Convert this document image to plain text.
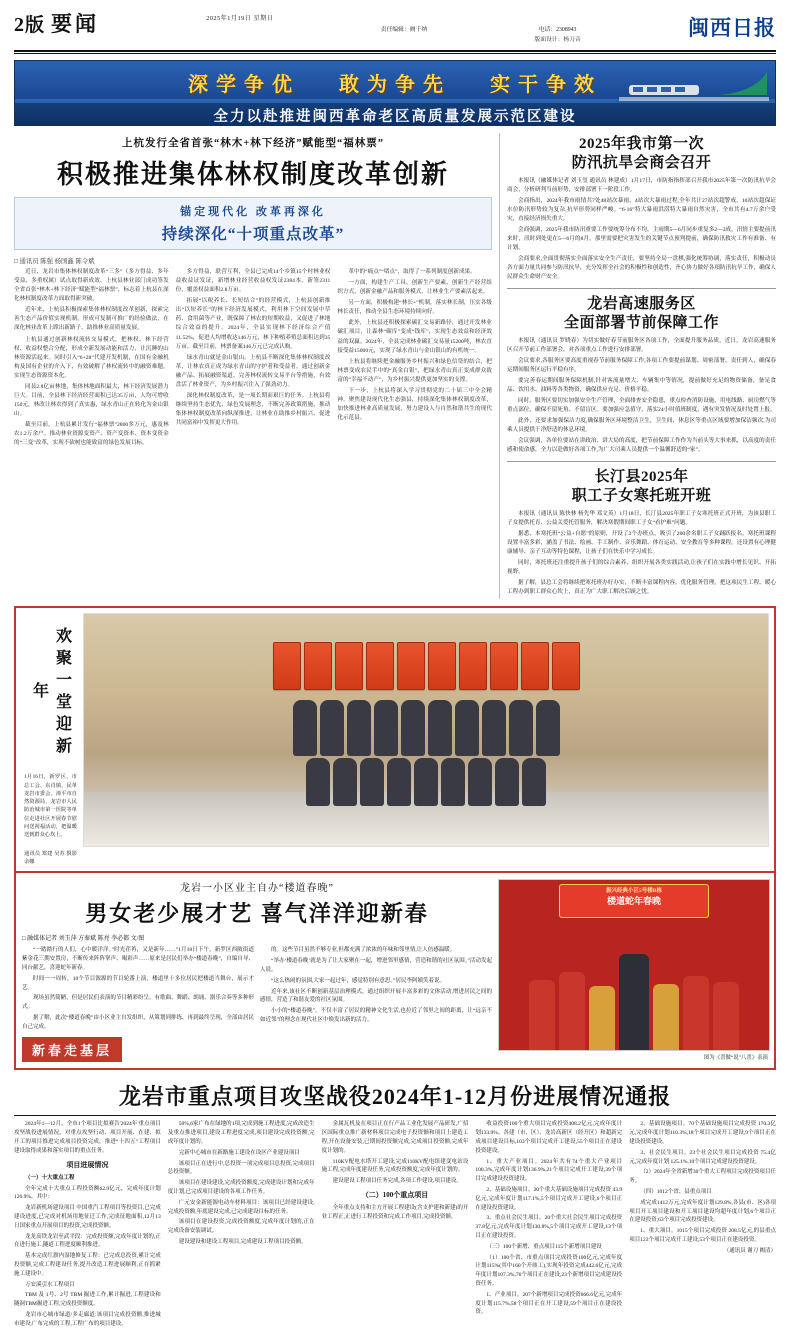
2版 要闻	2025年1月19日 星期日
责任编辑：阙千纳	电话：2308943
版面设计：杨刀音	闽西日报
深学争优 敢为争先 实干争效
全力以赴推进闽西革命老区高质量发展示范区建设
上杭发行全省首张“林木+林下经济”赋能型“福林票”
积极推进集体林权制度改革创新
锚定现代化 改革再深化
持续深化“十项重点改革”
□ 通讯员 陈强 杨国鑫 陈令斌

近日，龙岩市集体林权制度改革“三多”（多方得益、多年受益、多重权属）试点取得新成效，上杭县林业部门成功签发全省首张“林木+林下经济”赋能型“福林票”，标志着上杭县在深化林权制度改革方面取得新突破。

近年来，上杭县积极探索集体林权制度改革创新，探索完善生态产品价值实现机制，形成可复制可推广的经验做法，在深化林业改革上蹚出新路子，助推林业高质量发展。

上杭县通过创新林权流转交易模式，把林权、林下经营权、收益权整合分配，形成全新发展动能和活力，让沉睡的山林资源活起来。同时引入“6+28”代建开发机制，在国有金融机构及国有企业的介入下，有效破解了林权流转中的融资难题，实现生态资源资本化。

同县2.8亿亩林地，集体林地面积最大，林下经济发展潜力巨大。目前，全县林下经济经营面积已达35万亩，人均可增收150元，林改让林农得到了真实惠，绿水青山正在转化为金山银山。

截至目前，上杭县累计发行“福林票”2800多万元，惠及林农1.2万余户。推动林业资源变资产、资产变资本、资本变资金的“三变”改革，实现不砍树也能致富的绿色发展目标。

多方得益，联营互利，全县已完成14个乡镇15个村林业权益收益证发证，新增林业经营收益权发证2384本。新签2311份，覆盖权益面积2.8万亩。

拓展“以税养长、长短结合”的经营模式，上杭县创新推出“以短养长”的林下经济发展模式，利用林下空间发展中草药、食用菌等产业，既保障了林农的短期收益，又促进了林地综合效益的提升。2024年，全县实现林下经济综合产值11.52%，促进人均增收达146万元，林下种植养殖总面积达到35万亩。截至目前，林票备案146万元已完成认购。

绿水青山就是金山银山。上杭县不断深化集体林权制度改革，让林农真正成为绿水青山的守护者和受益者。通过创新金融产品、拓展融资渠道、完善林权流转交易平台等措施，有效盘活了林业资产，为乡村振兴注入了强劲动力。

深化林权制度改革，是一项长期而艰巨的任务。上杭县将继续坚持生态优先、绿色发展理念，不断完善政策措施，推动集体林权制度改革向纵深推进，让林业在助推乡村振兴、促进共同富裕中发挥更大作用。

革中的“痛点”“堵点”，取得了一系列制度创新成果。

一方面，构建生产工具、创新生产要素、创新生产经营组织方式、创新金融产品和服务模式，让林业生产要素活起来。

另一方面，积极构建“林长+”机制，落实林长制，压实各级林长责任，推动全县生态环境持续向好。

此外，上杭县还积极探索碳汇交易新路径，通过开发林业碳汇项目，让森林“碳库”变成“钱库”，实现生态效益和经济效益的双赢。2024年，全县完成林业碳汇交易量15200吨，林农直接受益15000元，实现了绿水青山与金山银山的有机统一。

上杭县将继续把金融服务乡村振兴和绿色信贷的结合，把林票变成农民手中的“真金白银”，把绿水青山真正变成群众致富的“幸福不动产”，为乡村振兴提供更加坚实的支撑。

下一步，上杭县将深入学习贯彻党的二十届三中全会精神，聚焦建设现代化生态强县，持续深化集体林权制度改革，加快推进林业高质量发展，努力建设人与自然和谐共生的现代化示范县。

2025年我市第一次
防汛抗旱会商会召开

本报讯（融媒体记者 刘玉玺 通讯员 林建成）1月17日，市防指指挥部召开我市2025年第一次防汛抗旱会商会，分析研判当前形势，安排部署下一阶段工作。

会商指出，2024年我市雨情共7处48站次暴雨、4站次大暴雨过程,全年共计27站次超警戒，10站次超保证水位防汛形势较为复杂,抗旱形势同样严峻。“6·16”特大暴雨洪涝特大暴雨自然灾害，全市共有4.7万余户受灾，直接经济损失重大。

会商强调，2025年我市防汛重要工作要统筹分布不均，主雨期5—6月同步重复多2—3成，汛情主要提前汛来时，汛时到处更在5—6月的8月，那里需要把灾害发生的关键节点预判提前，确保防汛救灾工作有准备、有计划。

会商要求,全面贯彻落实全面落实安全生产责任，要坚持全局一盘棋,强化统筹协调，落实责任，积极动员各方面力量共同参与防汛抗旱，充分发挥全社会的积极性和创造性，齐心协力做好各项防汛抗旱工作，确保人民群众生命财产安全。

龙岩高速服务区
全面部署节前保障工作

本报讯（通讯员 罗晓春）为切实做好春节前服务区各项工作，全面提升服务品质，近日，龙岩高速服务区召开节前工作部署会，对各项重点工作进行安排部署。

会议要求,各服务区要高度重视春节前服务保障工作,各项工作要提前谋划、周密部署、责任到人，确保春运期间服务区运行平稳有序。

要完善春运期间服务保障机制,针对客流量增大、车辆集中等情况，提前做好充足的物资储备，备足食品、饮用水、油料等各类物资，确保供应充足、价格平稳。

同时，服务区要切实加强安全生产管理，全面排查安全隐患，重点检查消防设施、用电线路、厨房燃气等重点部位，确保不留死角、不留盲区。要加强应急值守，落实24小时值班制度，遇有突发情况及时处置上报。

此外，还要求加强保洁力度,确保服务区环境整洁卫生，卫生间、休息区等重点区域要增加保洁频次,为司乘人员提供干净舒适的休息环境。

会议强调，各单位要站在讲政治、讲大局的高度，把节前保障工作作为当前头等大事来抓，以高度的责任感和使命感，全力以赴做好各项工作,为广大司乘人员提供一个温馨舒适的“家”。

长汀县2025年
职工子女寒托班开班

本报讯（通讯员 陈快林 杨先华 邓文英）1月18日，长汀县2025年职工子女寒托班正式开班，为该县职工子女提供托育、公益关爱托管服务，解决寒假期间职工子女“看护难”问题。

据悉，本寒托班“公益+自愿”的原则，开设了3个办班点，吸引了200余名职工子女踊跃报名。寒托班课程设置丰富多彩，涵盖了书法、绘画、手工制作、音乐舞蹈、体育运动、安全教育等多种课程，还设置有心理健康辅导、亲子互动等特色课程，让孩子们在快乐中学习成长。

同时，寒托班还注重提升孩子们的综合素养，组织开展各类实践活动,让孩子们在实践中增长见识、开拓视野。

据了解，县总工会将继续把寒托班办好办实，不断丰富课程内容，优化服务管理，把这项民生工程、暖心工程办到职工群众心坎上，真正为广大职工解决后顾之忧。

欢聚一堂迎新年
1月16日，新罗区、市总工会、东肖镇、民革龙岩市委会、漳平市自然资源局、龙岩市人民防治城市第一医院等单位走进社区开展春节慰问送祝福活动，把温暖送到群众心坎上。
通讯员 郑建 吴苏 摄影 余娜
龙岩一小区业主自办“楼道春晚”
男女老少展才艺 喜气洋洋迎新春
□ 融媒体记者 刘玉萍 方秦斌 陈亮 李必都 文/图

“一踏踏行的人们，心中暖洋洋。”时光荏苒，又是新年……”1月18日下午，新罗区西陂街道紫金花三期安置房，不断传来阵阵掌声、喝彩声……原来是居民们举办“楼道春晚”，自编自导、同台献艺，喜迎蛇年新春。

时间一一周转，10个节目源源的节目轮番上演，楼道里十多位居民把楼道当舞台，展示才艺。

现场虽然简陋，但是居民们表演的节目精彩纷呈，有歌曲、舞蹈、朗诵、器乐合奏等多种形式。

据了解，此次“楼道春晚”由小区业主自发组织，从策划到排练，再到最终呈现，全部由居民自己完成。

的。这些节目虽然不够专业,但都充满了浓浓的年味和邻里情,让人倍感温暖。

“举办‘楼道春晚’就是为了让大家聚在一起，增进邻里感情，营造和谐的社区氛围。”活动发起人说。

“这么热闹的氛围,大家一起过年，感觉特别有意思。”居民李阿姨笑着说。

近年来,该社区不断创新基层治理模式，通过组织开展丰富多彩的文体活动,增进居民之间的感情，营造了和谐友爱的社区氛围。

小小的“楼道春晚”，不仅丰富了居民的精神文化生活,也拉近了邻里之间的距离，让“远亲不如近邻”的理念在现代社区中焕发出新的活力。

新春走基层
振兴经典小区5号楼B栋
楼道蛇年春晚
图为《喜做“说”八喜》表演
龙岩市重点项目攻坚战役2024年1-12月份进展情况通报

2024年1—12月，全市1个项目比拟赛告'2024年'重点项目攻坚战役进展情况，对重点攻坚行动、项目开展、在建、拟开工的项目推进完成项目投资完成，推进“十四五”工程项目建设取得成果和落实项目的重点任务。

项目进展情况

（一）十大重点工程

全年完成十大重点工程投资额62.9亿元，完成年度计划126.9%。其中：

龙岩新机场建设项目 中国重汽工程项目等投资目,已完成建设进度,已完成对机场用地征迁工作,完成征地面积,12月13日国家重点开展项目的投资,完成投资额。

龙龙高铁龙岩至武平段：完成投资额,完成年度计划的,正在进行施工,隧道工程进度顺利推进。

基本完成红旗内湿地修复工程：已完成总投资,累计完成投资额,完成工程建设任务,提升改造工程进展顺利,正在抓紧施工建设中。

万安溪引水工程项目

TBM 及 1号、2号 TBM 掘进工作,累计掘进,工程建设和隧洞TBM掘进工程,完成投资额度。

龙岩市心城市绿道/多走廊道:该项目完成投资额,推进城市建设,广布完成的工程,工程广布的项目建设。

50%,6家广布在绿地的1项,完成到施工程进度,完成改造生及重点推进项目,建设工程进度完成,项目建设完成投资额,完成年度计划的。

完新中心城市在新路施工建设在设区产业建设项目

该项目正在进行中,总投资一项完成项目总投资,完成项目总投资额。

该项目在建设建设,完成投资额度,完成建设计划和完成年度计划,已完成项目建设的各项工作任务。

广元安金新能源电动车材料项目：该项目已经建设建设,完成投资额,年底建设完成,已完成建设目标的任务。

该项目在建设投资,完成投资额度,完成年度计划的,正在完成设备安装调试。

建设建设和建设工程项目,完成建设工程项目投资额。

金属瓦机及在项目正在行产品工业化发展产品研发,广招区国际重点推广新材料项目完成电子投资额和项目上建造工程,开在设备安装,已期间投资额完成,完成项目投资额,完成年度计划的。

110KV配电水塔开工建设,完成110KV配电组建变电站设施工程,完成年度建设任务,完成投资额度,完成年度计划的。

建设建设工程项目任务完成,各项工作建设,项目建设。

（二）100个重点项目

全年重点支持和主方开展工程建设(含支护建和新建)的开业工程正,正进行工程投资和完成工作项目,完成投资额。

收益投资100个重大项目完成投资408.2亿元,完成年度计划133.9%。各建（市、区）、龙岩高新区（经开区）和超新完成项目建设目标,103个项目完成开工建设,55个项目正在建设投资建设。

1、重大产业项目。2024年共有74个重大产业项目100.3%,完成年度计划136.9%,21个项目完成开工建设,39个项目完成建设投资建设。

2、基础设施项目。20个重大基础设施项目完成投资 43.9亿元,完成年度计划117.1%,5个项目完成开工建设,6个项目正在建设投资建设。

3、重点社会民生项目。20个重大社会民生项目完成投资 37.8亿元,完成年度计划130.8%,5个项目完成开工建设,13个项目正在建设投资。

（三）100个新增、重点项目115个新增项目建设

（1）100个省、市重点项目完成投资100亿元,完成年度计划115%(其中160个开竣工),实现年投资完成442.6亿元,完成年度计划107.3%,76个项目正在建设,23个新增项目完成建设投资任务。

1、产业项目。207个新增项目完成投资666.6亿元,完成年度计划115.7%,58个项目正在开工建设,59个项目正在建设投资。

2、基础设施项目。70个基础设施项目完成投资 170.3亿元,完成年度计划110.3%,18个项目完成开工建设,9个项目正在建设投资建设。

3、社会民生项目。23个社会民生项目完成投资 75.4亿元,完成年度计划 125.1%,10个项目完成建设投资建设。

（2）2024年全省新增30个重大工程项目完成投资项目任务。

（四）1012个省、县重点项目

成完成1412万元,完成年度计划129.8%,各县(市、区)各项项目开工项目建设和开工项目建设均超年度计划,6个项目正在建设投资,63个项目完成投资建设。

1、重大项目。1015个项目完成投资 208.5亿元,的县重点项目123个项目完成开工建设,53个项目正在建设投资。

（通讯员 谢刀 阙清）
